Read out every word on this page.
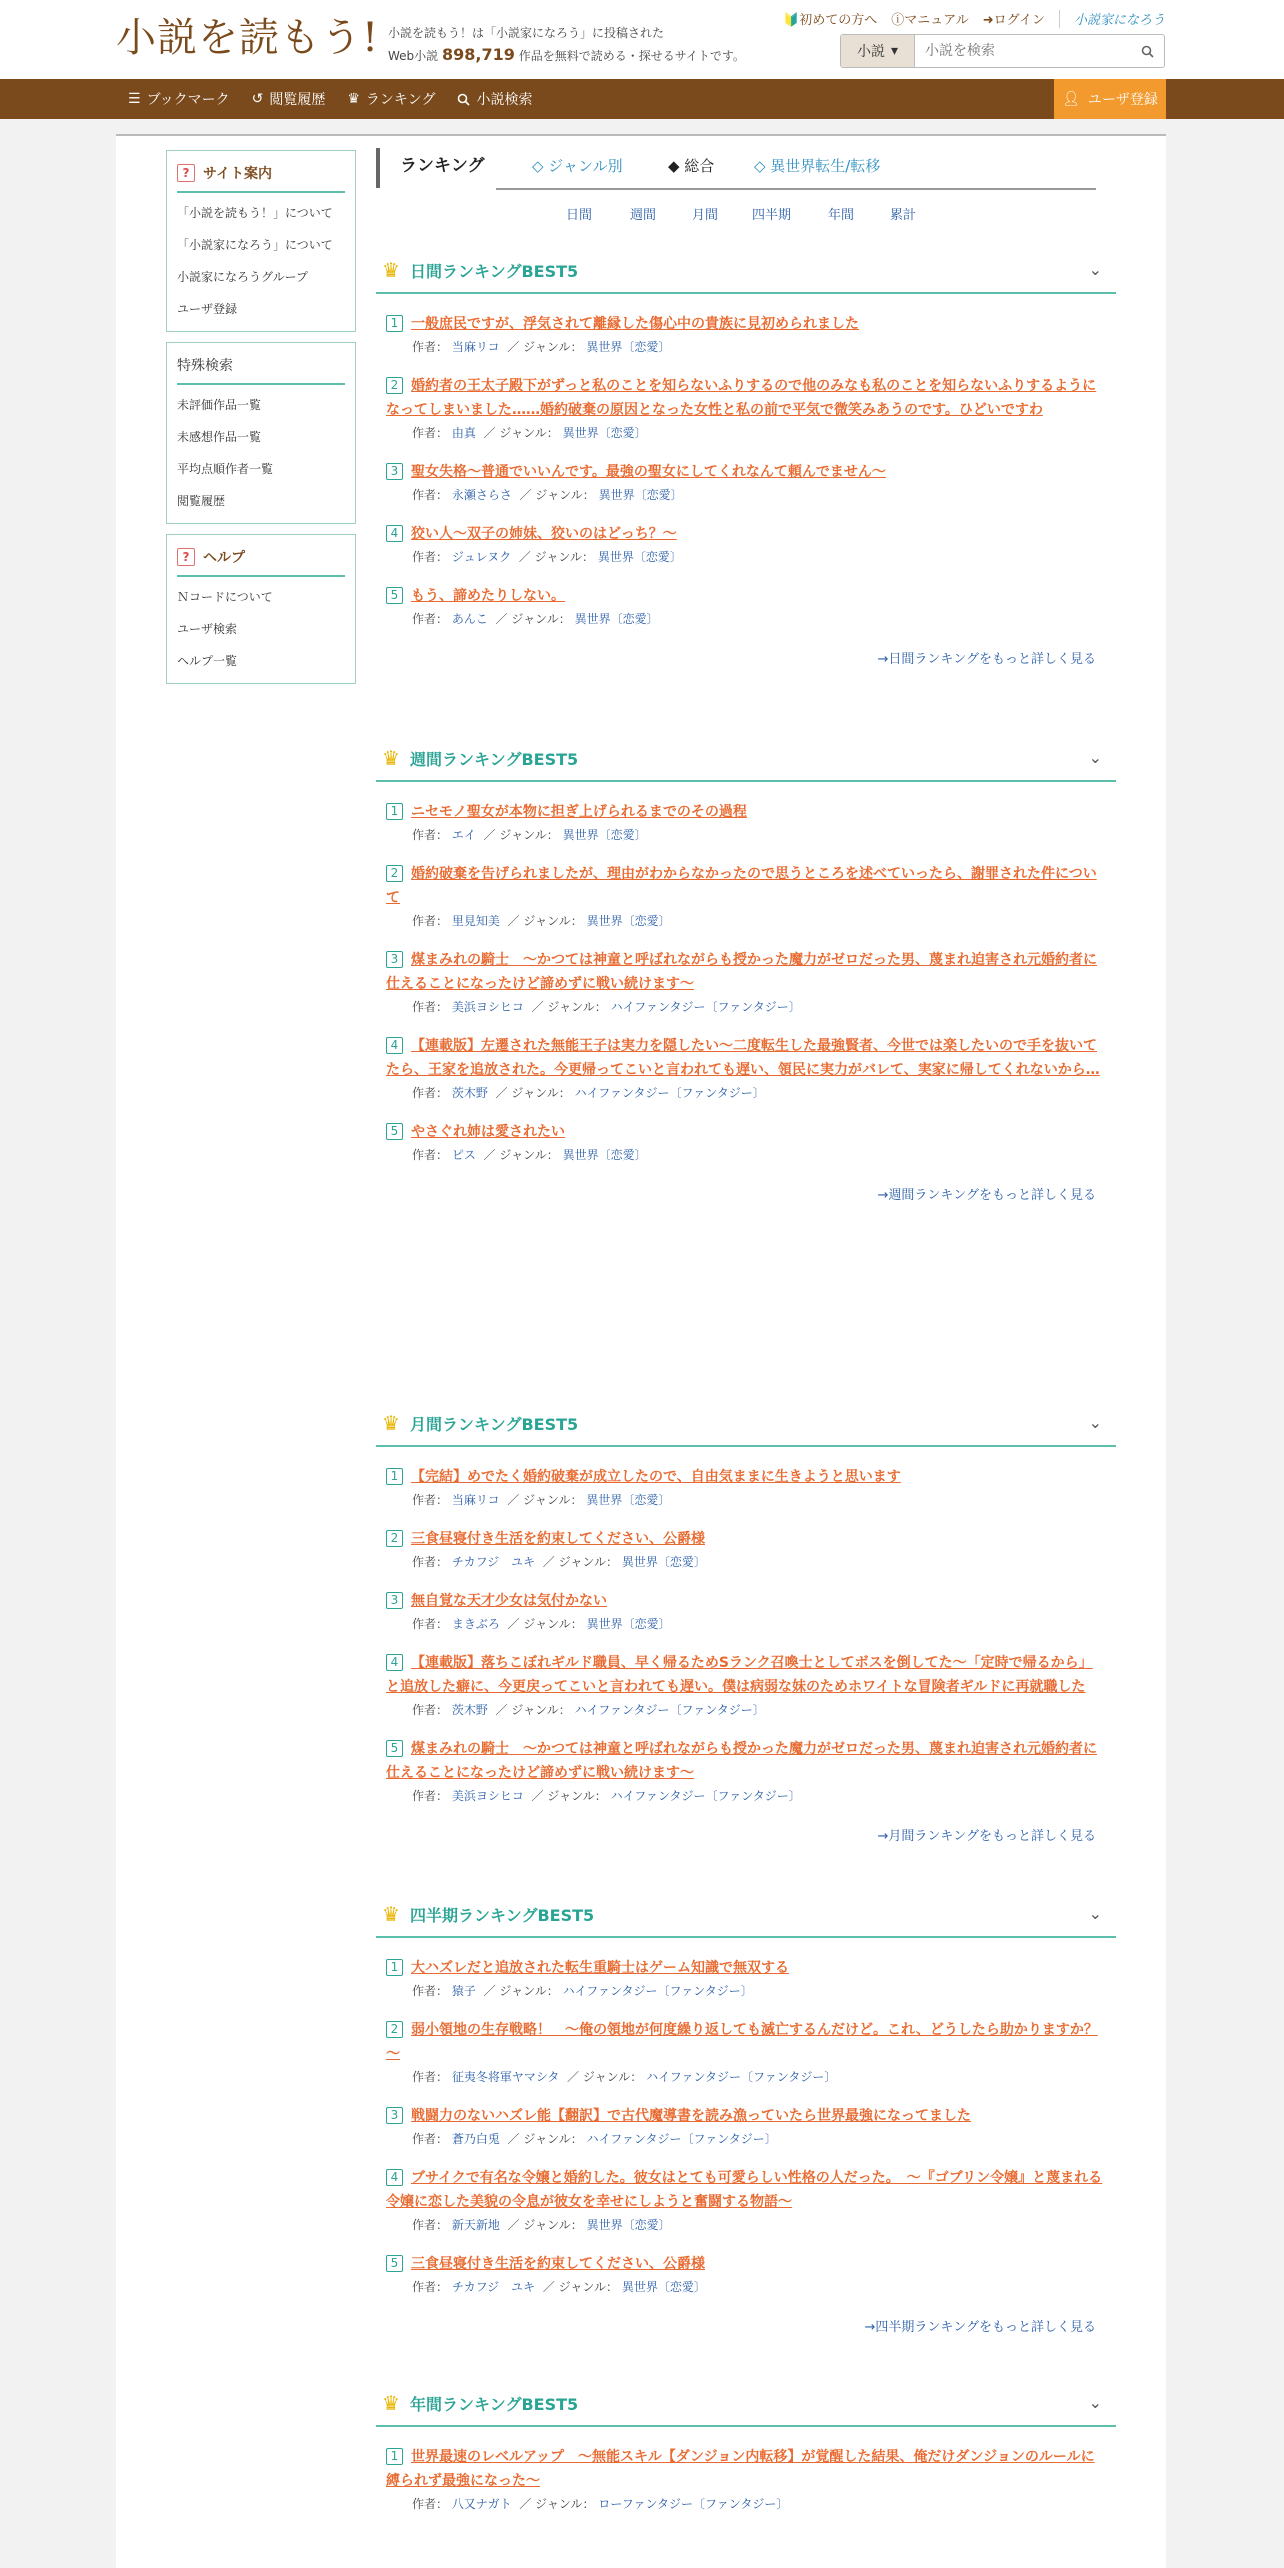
小説を読もう! 小説を読もう！は「小説家になろう」に投稿された
Web小説 898,719 作品を無料で読める・探せるサイトです。
🔰初めての方へ ⓘマニュアル ➜ログイン 小説家になろう
小説 ▾
小説を検索
☰ ブックマーク ↺ 閲覧履歴 ♛ ランキング	小説検索	👤︎ ユーザ登録
? サイト案内
「小説を読もう！」について
「小説家になろう」について
小説家になろうグループ
ユーザ登録
特殊検索
未評価作品一覧
未感想作品一覧
平均点順作者一覧
閲覧履歴
? ヘルプ
Ｎコードについて
ユーザ検索
ヘルプ一覧
ランキング	◇ ジャンル別	◆ 総合	◇ 異世界転生/転移
日間	週間	月間	四半期	年間	累計
♛ 日間ランキングBEST5	⌄
1 一般庶民ですが、浮気されて離縁した傷心中の貴族に見初められました
作者： 当麻リコ ／ ジャンル： 異世界〔恋愛〕
2 婚約者の王太子殿下がずっと私のことを知らないふりするので他のみなも私のことを知らないふりするようになってしまいました……婚約破棄の原因となった女性と私の前で平気で微笑みあうのです。ひどいですわ
作者： 由真 ／ ジャンル： 異世界〔恋愛〕
3 聖女失格～普通でいいんです。最強の聖女にしてくれなんて頼んでません～
作者： 永瀬さらさ ／ ジャンル： 異世界〔恋愛〕
4 狡い人～双子の姉妹、狡いのはどっち？～
作者： ジュレヌク ／ ジャンル： 異世界〔恋愛〕
5 もう、諦めたりしない。
作者： あんこ ／ ジャンル： 異世界〔恋愛〕
→日間ランキングをもっと詳しく見る
♛ 週間ランキングBEST5	⌄
1 ニセモノ聖女が本物に担ぎ上げられるまでのその過程
作者： エイ ／ ジャンル： 異世界〔恋愛〕
2 婚約破棄を告げられましたが、理由がわからなかったので思うところを述べていったら、謝罪された件について
作者： 里見知美 ／ ジャンル： 異世界〔恋愛〕
3 煤まみれの騎士　～かつては神童と呼ばれながらも授かった魔力がゼロだった男、蔑まれ迫害され元婚約者に仕えることになったけど諦めずに戦い続けます～
作者： 美浜ヨシヒコ ／ ジャンル： ハイファンタジー〔ファンタジー〕
4 【連載版】左遷された無能王子は実力を隠したい～二度転生した最強賢者、今世では楽したいので手を抜いてたら、王家を追放された。今更帰ってこいと言われても遅い、領民に実力がバレて、実家に帰してくれないから…
作者： 茨木野 ／ ジャンル： ハイファンタジー〔ファンタジー〕
5 やさぐれ姉は愛されたい
作者： ピス ／ ジャンル： 異世界〔恋愛〕
→週間ランキングをもっと詳しく見る
♛ 月間ランキングBEST5	⌄
1 【完結】めでたく婚約破棄が成立したので、自由気ままに生きようと思います
作者： 当麻リコ ／ ジャンル： 異世界〔恋愛〕
2 三食昼寝付き生活を約束してください、公爵様
作者： チカフジ　ユキ ／ ジャンル： 異世界〔恋愛〕
3 無自覚な天才少女は気付かない
作者： まきぶろ ／ ジャンル： 異世界〔恋愛〕
4 【連載版】落ちこぼれギルド職員、早く帰るためSランク召喚士としてボスを倒してた～「定時で帰るから」と追放した癖に、今更戻ってこいと言われても遅い。僕は病弱な妹のためホワイトな冒険者ギルドに再就職した
作者： 茨木野 ／ ジャンル： ハイファンタジー〔ファンタジー〕
5 煤まみれの騎士　～かつては神童と呼ばれながらも授かった魔力がゼロだった男、蔑まれ迫害され元婚約者に仕えることになったけど諦めずに戦い続けます～
作者： 美浜ヨシヒコ ／ ジャンル： ハイファンタジー〔ファンタジー〕
→月間ランキングをもっと詳しく見る
♛ 四半期ランキングBEST5	⌄
1 大ハズレだと追放された転生重騎士はゲーム知識で無双する
作者： 猿子 ／ ジャンル： ハイファンタジー〔ファンタジー〕
2 弱小領地の生存戦略！　～俺の領地が何度繰り返しても滅亡するんだけど。これ、どうしたら助かりますか？～
作者： 征夷冬将軍ヤマシタ ／ ジャンル： ハイファンタジー〔ファンタジー〕
3 戦闘力のないハズレ能【翻訳】で古代魔導書を読み漁っていたら世界最強になってました
作者： 蒼乃白兎 ／ ジャンル： ハイファンタジー〔ファンタジー〕
4 ブサイクで有名な令嬢と婚約した。彼女はとても可愛らしい性格の人だった。　～『ゴブリン令嬢』と蔑まれる令嬢に恋した美貌の令息が彼女を幸せにしようと奮闘する物語～
作者： 新天新地 ／ ジャンル： 異世界〔恋愛〕
5 三食昼寝付き生活を約束してください、公爵様
作者： チカフジ　ユキ ／ ジャンル： 異世界〔恋愛〕
→四半期ランキングをもっと詳しく見る
♛ 年間ランキングBEST5	⌄
1 世界最速のレベルアップ　～無能スキル【ダンジョン内転移】が覚醒した結果、俺だけダンジョンのルールに縛られず最強になった～
作者： 八又ナガト ／ ジャンル： ローファンタジー〔ファンタジー〕
